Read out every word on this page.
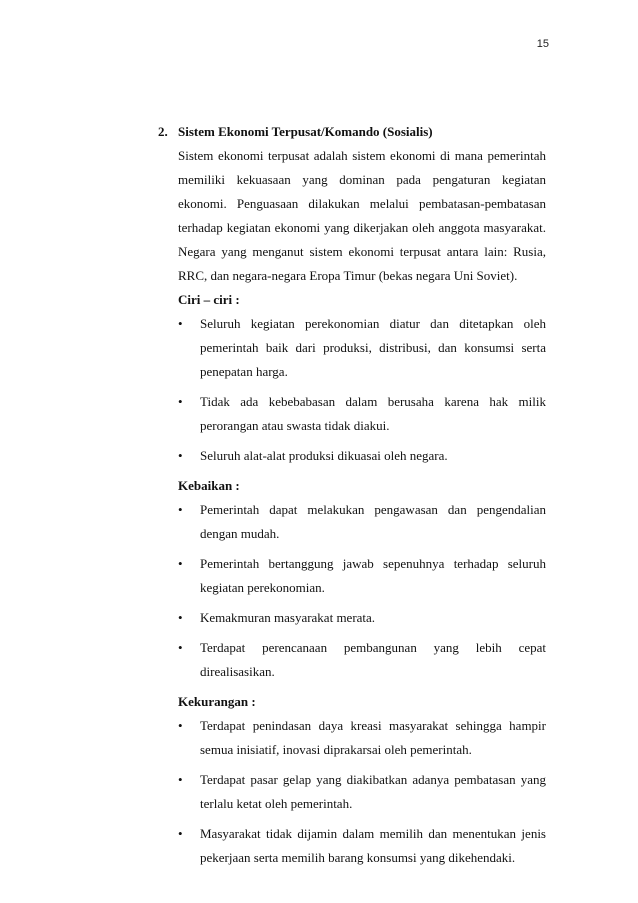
15
2. Sistem Ekonomi Terpusat/Komando (Sosialis)

Sistem ekonomi terpusat adalah sistem ekonomi di mana pemerintah memiliki kekuasaan yang dominan pada pengaturan kegiatan ekonomi. Penguasaan dilakukan melalui pembatasan-pembatasan terhadap kegiatan ekonomi yang dikerjakan oleh anggota masyarakat. Negara yang menganut sistem ekonomi terpusat antara lain: Rusia, RRC, dan negara-negara Eropa Timur (bekas negara Uni Soviet).

Ciri – ciri :
• Seluruh kegiatan perekonomian diatur dan ditetapkan oleh pemerintah baik dari produksi, distribusi, dan konsumsi serta penepatan harga.
• Tidak ada kebebabasan dalam berusaha karena hak milik perorangan atau swasta tidak diakui.
• Seluruh alat-alat produksi dikuasai oleh negara.
Kebaikan :
• Pemerintah dapat melakukan pengawasan dan pengendalian dengan mudah.
• Pemerintah bertanggung jawab sepenuhnya terhadap seluruh kegiatan perekonomian.
• Kemakmuran masyarakat merata.
• Terdapat perencanaan pembangunan yang lebih cepat direalisasikan.
Kekurangan :
• Terdapat penindasan daya kreasi masyarakat sehingga hampir semua inisiatif, inovasi diprakarsai oleh pemerintah.
• Terdapat pasar gelap yang diakibatkan adanya pembatasan yang terlalu ketat oleh pemerintah.
• Masyarakat tidak dijamin dalam memilih dan menentukan jenis pekerjaan serta memilih barang konsumsi yang dikehendaki.
